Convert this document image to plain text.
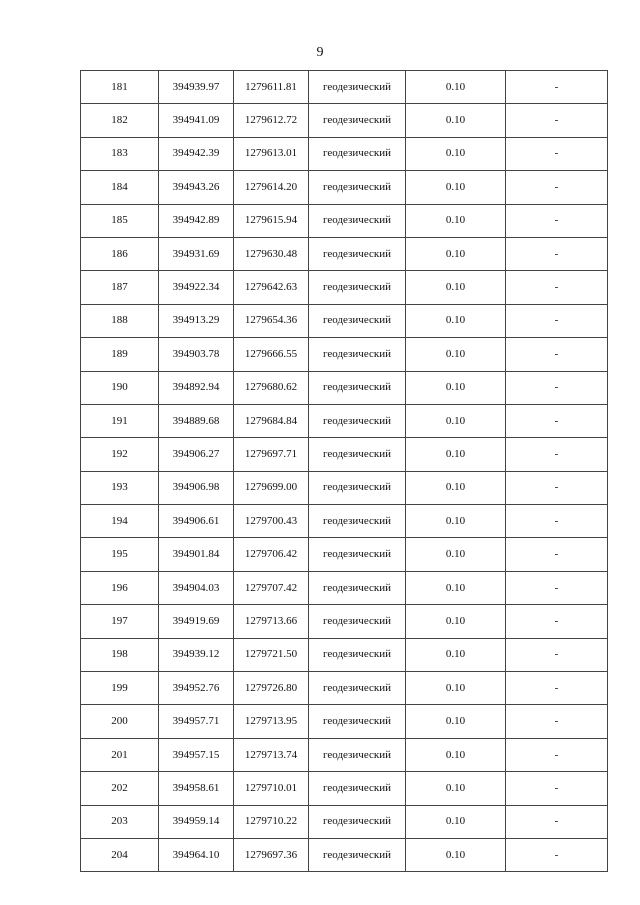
9
181	394939.97	1279611.81	геодезический	0.10	-
182	394941.09	1279612.72	геодезический	0.10	-
183	394942.39	1279613.01	геодезический	0.10	-
184	394943.26	1279614.20	геодезический	0.10	-
185	394942.89	1279615.94	геодезический	0.10	-
186	394931.69	1279630.48	геодезический	0.10	-
187	394922.34	1279642.63	геодезический	0.10	-
188	394913.29	1279654.36	геодезический	0.10	-
189	394903.78	1279666.55	геодезический	0.10	-
190	394892.94	1279680.62	геодезический	0.10	-
191	394889.68	1279684.84	геодезический	0.10	-
192	394906.27	1279697.71	геодезический	0.10	-
193	394906.98	1279699.00	геодезический	0.10	-
194	394906.61	1279700.43	геодезический	0.10	-
195	394901.84	1279706.42	геодезический	0.10	-
196	394904.03	1279707.42	геодезический	0.10	-
197	394919.69	1279713.66	геодезический	0.10	-
198	394939.12	1279721.50	геодезический	0.10	-
199	394952.76	1279726.80	геодезический	0.10	-
200	394957.71	1279713.95	геодезический	0.10	-
201	394957.15	1279713.74	геодезический	0.10	-
202	394958.61	1279710.01	геодезический	0.10	-
203	394959.14	1279710.22	геодезический	0.10	-
204	394964.10	1279697.36	геодезический	0.10	-
